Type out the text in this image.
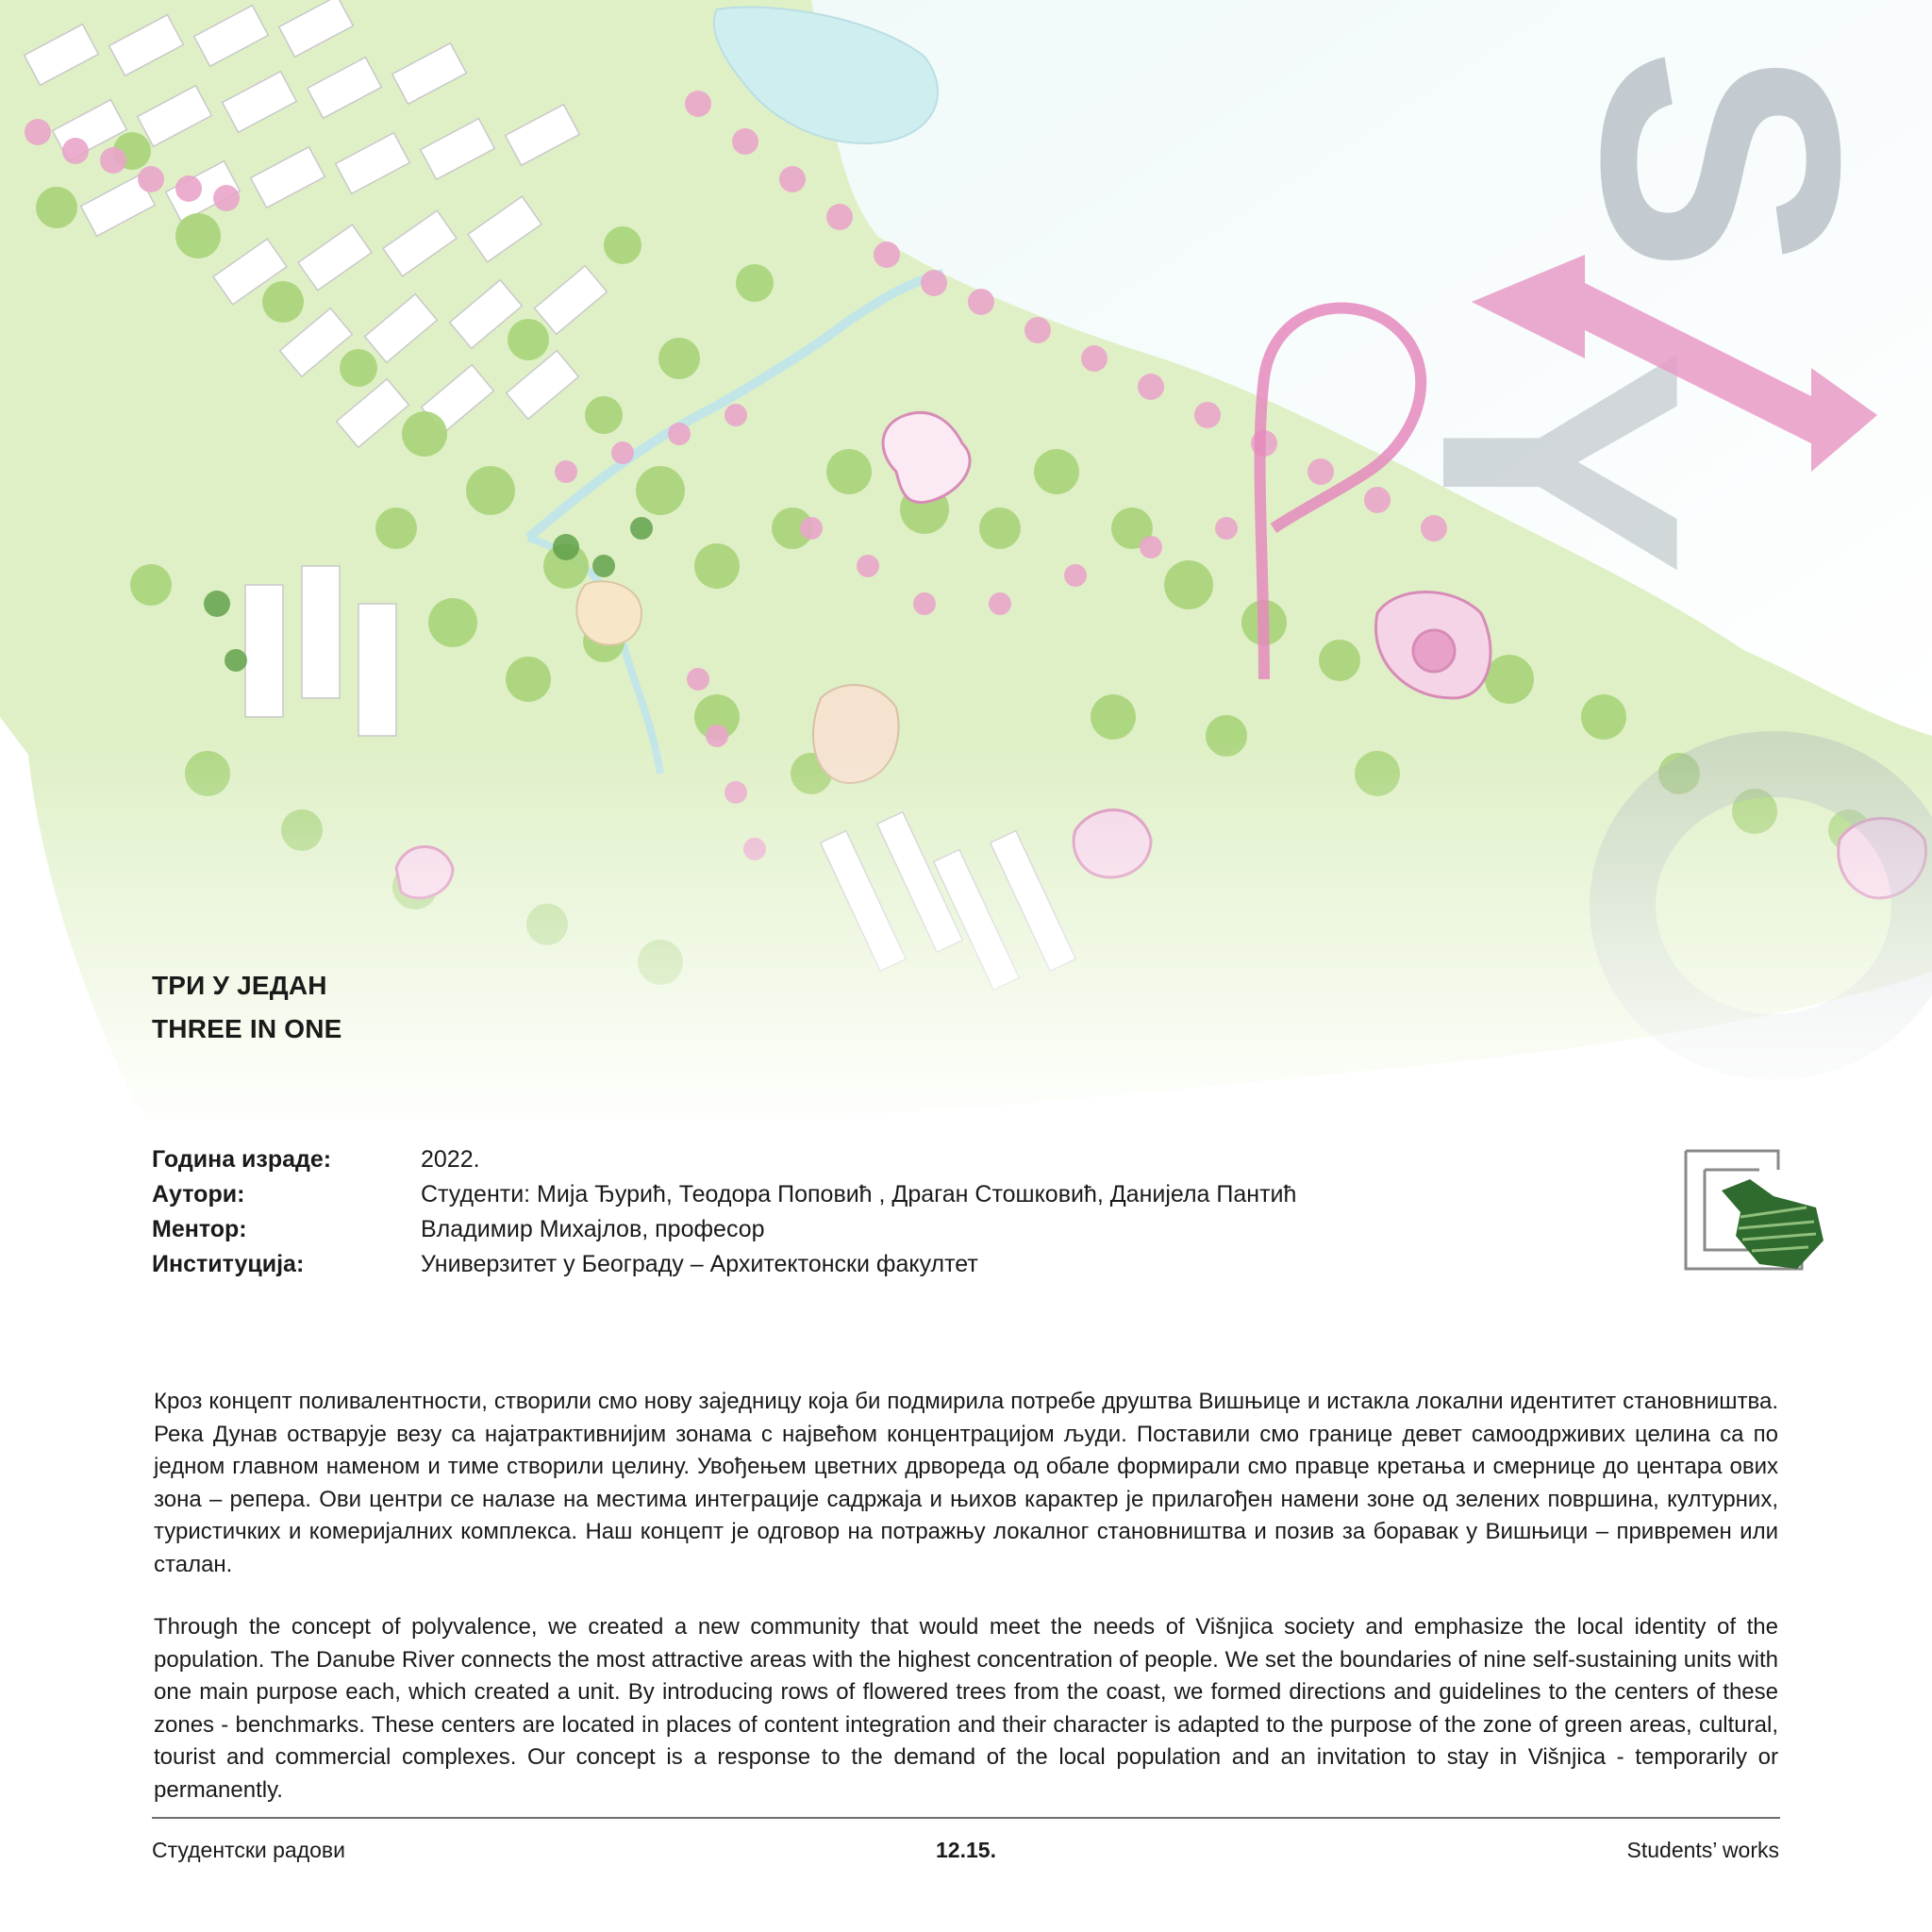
ТРИ У ЈЕДАН
THREE IN ONE
Година израде:	2022.
Аутори:	Студенти: Мија Ђурић, Теодора Поповић , Драган Стошковић, Данијела Пантић
Ментор:	Владимир Михајлов, професор
Институција:	Универзитет у Београду – Архитектонски факултет

Кроз концепт поливалентности, створили смо нову заједницу која би подмирила потребе друштва Вишњице и истакла локални идентитет становништва. Река Дунав остварује везу са најатрактивнијим зонама с највећом концентрацијом људи. Поставили смо границе девет самоодрживих целина са по једном главном наменом и тиме створили целину. Увођењем цветних дрвореда од обале формирали смо правце кретања и смернице до центара ових зона – репера. Ови центри се налазе на местима интеграције садржаја и њихов карактер је прилагођен намени зоне од зелених површина, културних, туристичких и комеријалних комплекса. Наш концепт је одговор на потражњу локалног становништва и позив за боравак у Вишњици – привремен или сталан.

Through the concept of polyvalence, we created a new community that would meet the needs of Višnjica society and emphasize the local identity of the population. The Danube River connects the most attractive areas with the highest concentration of people. We set the boundaries of nine self-sustaining units with one main purpose each, which created a unit. By introducing rows of flowered trees from the coast, we formed directions and guidelines to the centers of these zones - benchmarks. These centers are located in places of content integration and their character is adapted to the purpose of the zone of green areas, cultural, tourist and commercial complexes. Our concept is a response to the demand of the local population and an invitation to stay in Višnjica - temporarily or permanently.

Студентски радови	12.15.	Students’ works
